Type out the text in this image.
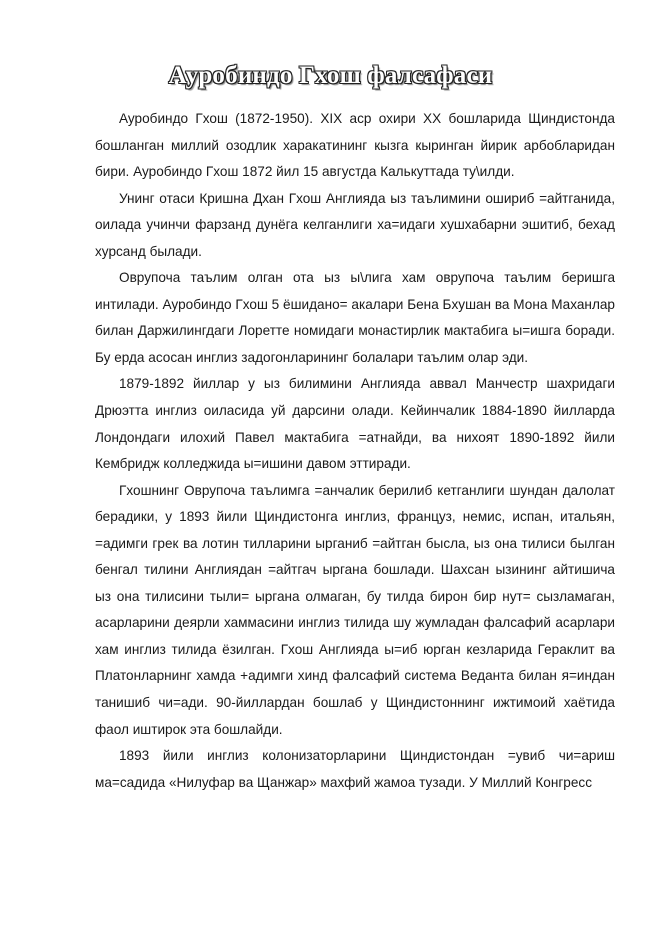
Ауробиндо Гхош фалсафаси

Ауробиндо Гхош (1872-1950). ХIХ аср охири ХХ бошларида Щиндистонда бошланган миллий озодлик харакатининг кызга кыринган йирик арбобларидан бири. Ауробиндо Гхош 1872 йил 15 августда Калькуттада ту\илди.

Унинг отаси Кришна Дхан Гхош Англияда ыз таълимини ошириб =айтганида, оилада учинчи фарзанд дунёга келганлиги ха=идаги хушхабарни эшитиб, бехад хурсанд былади.

Оврупоча таълим олган ота ыз ы\лига хам оврупоча таълим беришга интилади. Ауробиндо Гхош 5 ёшидано= акалари Бена Бхушан ва Мона Маханлар билан Даржилингдаги Лоретте номидаги монастирлик мактабига ы=ишга боради. Бу ерда асосан инглиз задогонларининг болалари таълим олар эди.

1879-1892 йиллар у ыз билимини Англияда аввал Манчестр шахридаги Дрюэтта инглиз оиласида уй дарсини олади. Кейинчалик 1884-1890 йилларда Лондондаги илохий Павел мактабига =атнайди, ва нихоят 1890-1892 йили Кембридж колледжида ы=ишини давом эттиради.

Гхошнинг Оврупоча таълимга =анчалик берилиб кетганлиги шундан далолат берадики, у 1893 йили Щиндистонга инглиз, француз, немис, испан, итальян, =адимги грек ва лотин тилларини ырганиб =айтган бысла, ыз она тилиси былган бенгал тилини Англиядан =айтгач ыргана бошлади. Шахсан ызининг айтишича ыз она тилисини тыли= ыргана олмаган, бу тилда бирон бир нут= сызламаган, асарларини деярли хаммасини инглиз тилида шу жумладан фалсафий асарлари хам инглиз тилида ёзилган. Гхош Англияда ы=иб юрган кезларида Гераклит ва Платонларнинг хамда +адимги хинд фалсафий система Веданта билан я=индан танишиб чи=ади. 90-йиллардан бошлаб у Щиндистоннинг ижтимоий хаётида фаол иштирок эта бошлайди.

1893 йили инглиз колонизаторларини Щиндистондан =увиб чи=ариш ма=садида «Нилуфар ва Щанжар» махфий жамоа тузади. У Миллий Конгресс
